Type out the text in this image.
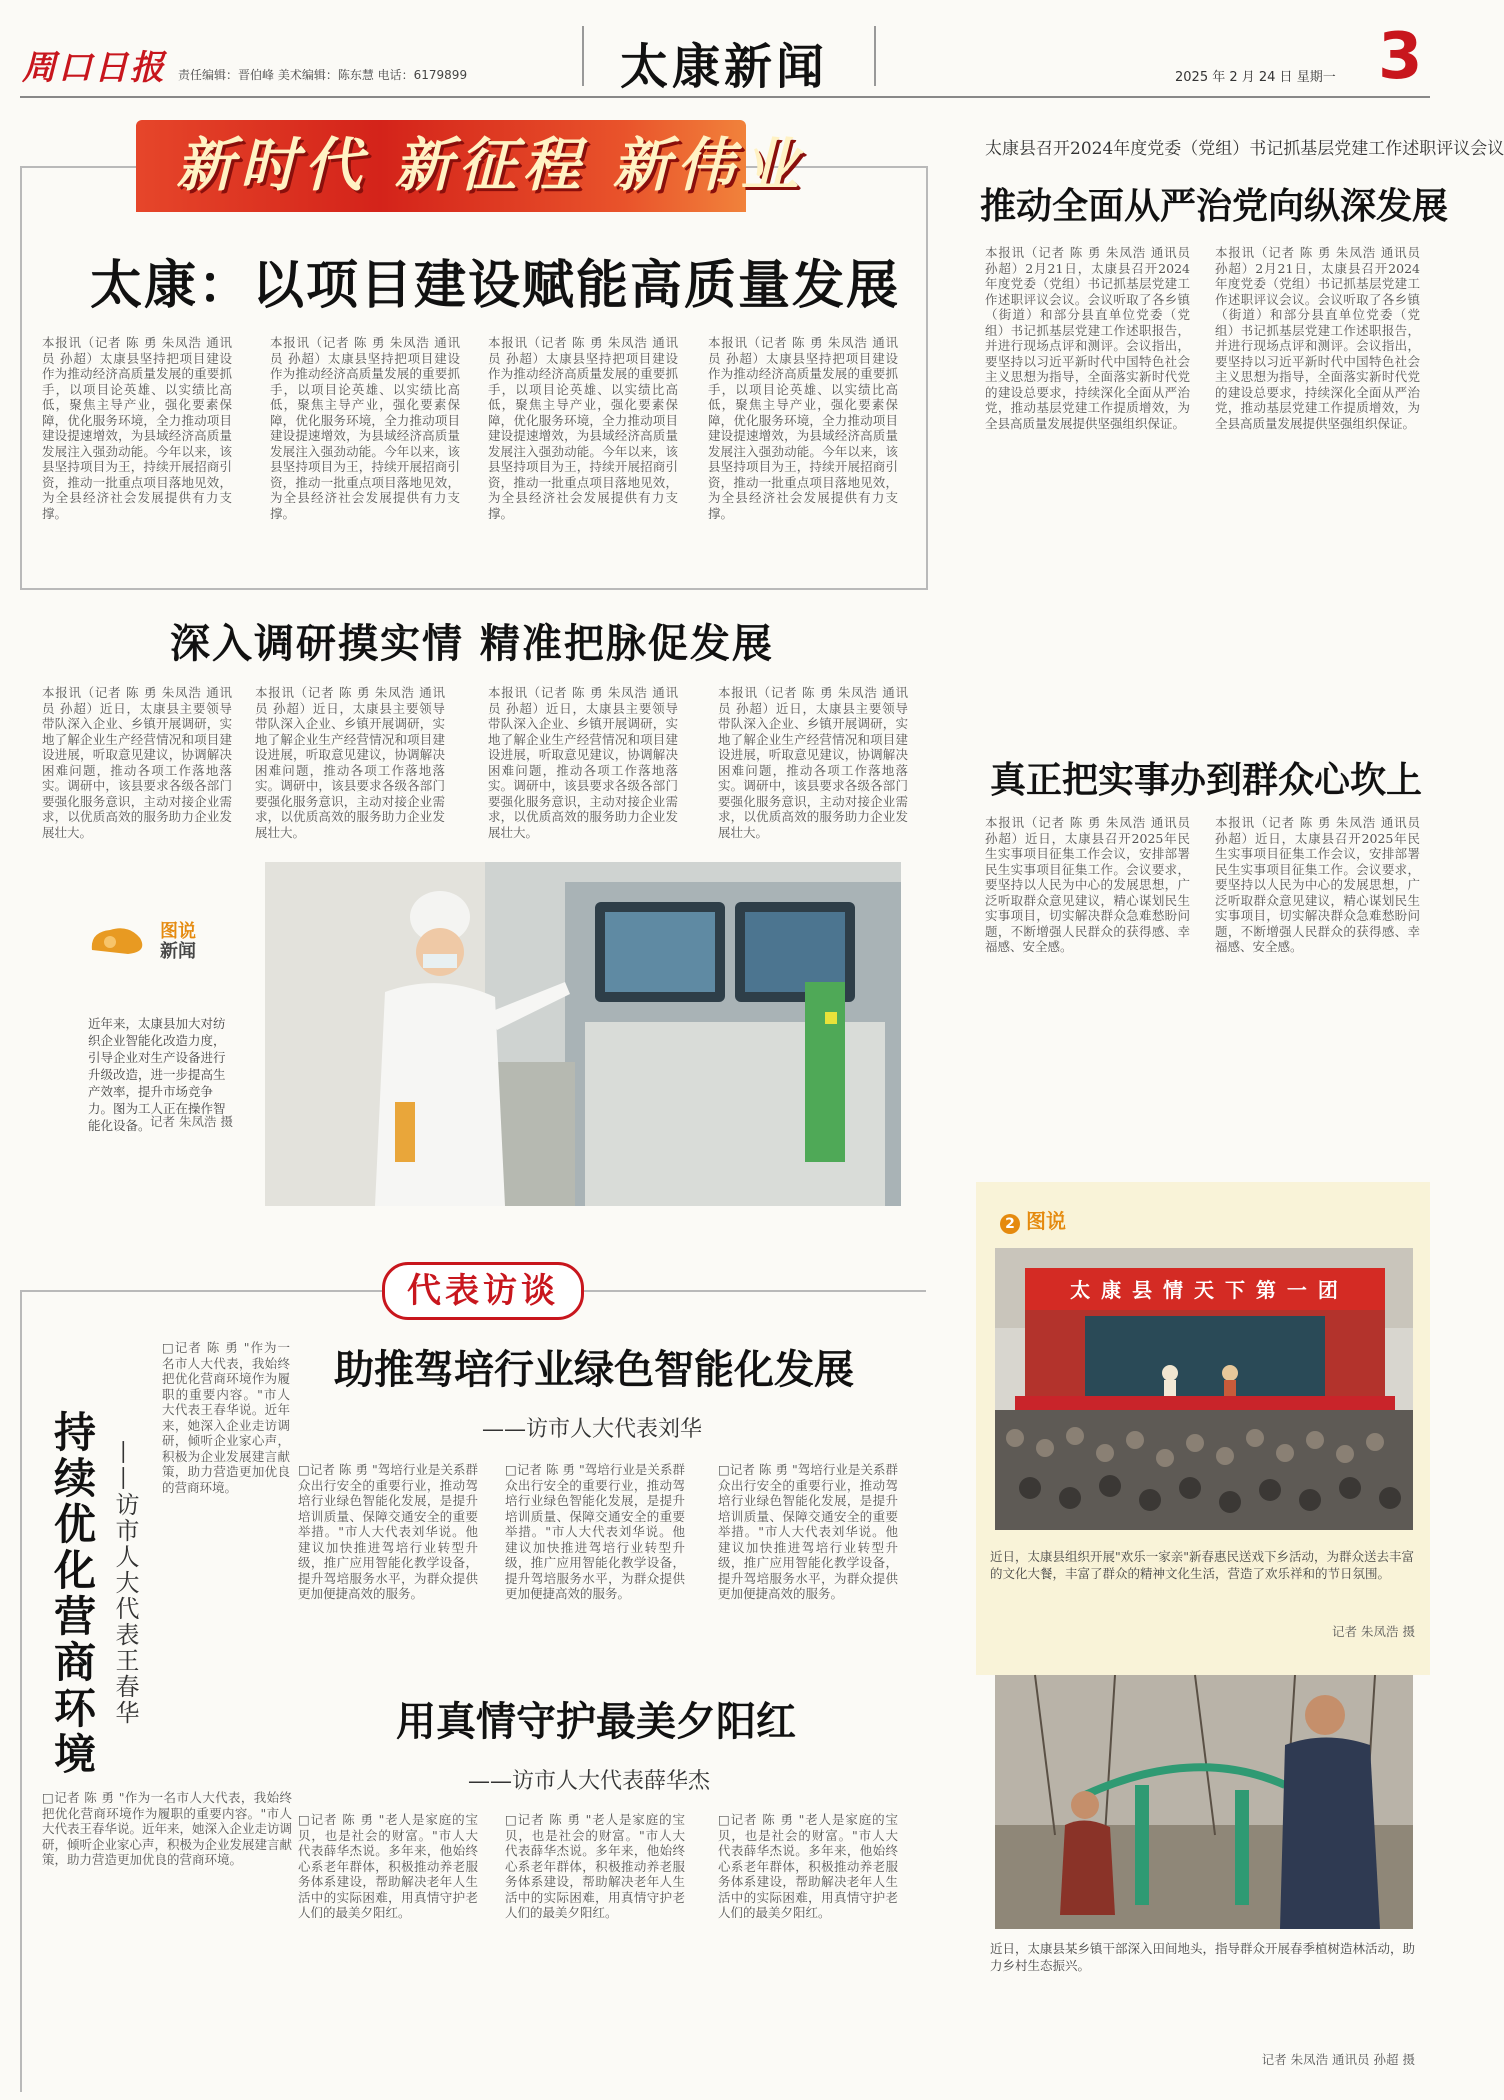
周口日报 责任编辑：晋伯峰 美术编辑：陈东慧 电话：6179899	太康新闻	2025 年 2 月 24 日 星期一 3
新时代 新征程 新伟业
太康：以项目建设赋能高质量发展
本报讯（记者 陈 勇 朱凤浩 通讯员 孙超）太康县坚持把项目建设作为推动经济高质量发展的重要抓手，以项目论英雄、以实绩比高低，聚焦主导产业，强化要素保障，优化服务环境，全力推动项目建设提速增效，为县域经济高质量发展注入强劲动能。今年以来，该县坚持项目为王，持续开展招商引资，推动一批重点项目落地见效，为全县经济社会发展提供有力支撑。
本报讯（记者 陈 勇 朱凤浩 通讯员 孙超）太康县坚持把项目建设作为推动经济高质量发展的重要抓手，以项目论英雄、以实绩比高低，聚焦主导产业，强化要素保障，优化服务环境，全力推动项目建设提速增效，为县域经济高质量发展注入强劲动能。今年以来，该县坚持项目为王，持续开展招商引资，推动一批重点项目落地见效，为全县经济社会发展提供有力支撑。
本报讯（记者 陈 勇 朱凤浩 通讯员 孙超）太康县坚持把项目建设作为推动经济高质量发展的重要抓手，以项目论英雄、以实绩比高低，聚焦主导产业，强化要素保障，优化服务环境，全力推动项目建设提速增效，为县域经济高质量发展注入强劲动能。今年以来，该县坚持项目为王，持续开展招商引资，推动一批重点项目落地见效，为全县经济社会发展提供有力支撑。
本报讯（记者 陈 勇 朱凤浩 通讯员 孙超）太康县坚持把项目建设作为推动经济高质量发展的重要抓手，以项目论英雄、以实绩比高低，聚焦主导产业，强化要素保障，优化服务环境，全力推动项目建设提速增效，为县域经济高质量发展注入强劲动能。今年以来，该县坚持项目为王，持续开展招商引资，推动一批重点项目落地见效，为全县经济社会发展提供有力支撑。
深入调研摸实情 精准把脉促发展
本报讯（记者 陈 勇 朱凤浩 通讯员 孙超）近日，太康县主要领导带队深入企业、乡镇开展调研，实地了解企业生产经营情况和项目建设进展，听取意见建议，协调解决困难问题，推动各项工作落地落实。调研中，该县要求各级各部门要强化服务意识，主动对接企业需求，以优质高效的服务助力企业发展壮大。
本报讯（记者 陈 勇 朱凤浩 通讯员 孙超）近日，太康县主要领导带队深入企业、乡镇开展调研，实地了解企业生产经营情况和项目建设进展，听取意见建议，协调解决困难问题，推动各项工作落地落实。调研中，该县要求各级各部门要强化服务意识，主动对接企业需求，以优质高效的服务助力企业发展壮大。
本报讯（记者 陈 勇 朱凤浩 通讯员 孙超）近日，太康县主要领导带队深入企业、乡镇开展调研，实地了解企业生产经营情况和项目建设进展，听取意见建议，协调解决困难问题，推动各项工作落地落实。调研中，该县要求各级各部门要强化服务意识，主动对接企业需求，以优质高效的服务助力企业发展壮大。
本报讯（记者 陈 勇 朱凤浩 通讯员 孙超）近日，太康县主要领导带队深入企业、乡镇开展调研，实地了解企业生产经营情况和项目建设进展，听取意见建议，协调解决困难问题，推动各项工作落地落实。调研中，该县要求各级各部门要强化服务意识，主动对接企业需求，以优质高效的服务助力企业发展壮大。
图说
新闻
近年来，太康县加大对纺织企业智能化改造力度，引导企业对生产设备进行升级改造，进一步提高生产效率，提升市场竞争力。图为工人正在操作智能化设备。 记者 朱凤浩 摄
太康县召开2024年度党委（党组）书记抓基层党建工作述职评议会议
推动全面从严治党向纵深发展
本报讯（记者 陈 勇 朱凤浩 通讯员 孙超）2月21日，太康县召开2024年度党委（党组）书记抓基层党建工作述职评议会议。会议听取了各乡镇（街道）和部分县直单位党委（党组）书记抓基层党建工作述职报告，并进行现场点评和测评。会议指出，要坚持以习近平新时代中国特色社会主义思想为指导，全面落实新时代党的建设总要求，持续深化全面从严治党，推动基层党建工作提质增效，为全县高质量发展提供坚强组织保证。
本报讯（记者 陈 勇 朱凤浩 通讯员 孙超）2月21日，太康县召开2024年度党委（党组）书记抓基层党建工作述职评议会议。会议听取了各乡镇（街道）和部分县直单位党委（党组）书记抓基层党建工作述职报告，并进行现场点评和测评。会议指出，要坚持以习近平新时代中国特色社会主义思想为指导，全面落实新时代党的建设总要求，持续深化全面从严治党，推动基层党建工作提质增效，为全县高质量发展提供坚强组织保证。
真正把实事办到群众心坎上
本报讯（记者 陈 勇 朱凤浩 通讯员 孙超）近日，太康县召开2025年民生实事项目征集工作会议，安排部署民生实事项目征集工作。会议要求，要坚持以人民为中心的发展思想，广泛听取群众意见建议，精心谋划民生实事项目，切实解决群众急难愁盼问题，不断增强人民群众的获得感、幸福感、安全感。
本报讯（记者 陈 勇 朱凤浩 通讯员 孙超）近日，太康县召开2025年民生实事项目征集工作会议，安排部署民生实事项目征集工作。会议要求，要坚持以人民为中心的发展思想，广泛听取群众意见建议，精心谋划民生实事项目，切实解决群众急难愁盼问题，不断增强人民群众的获得感、幸福感、安全感。
代表访谈
持续优化营商环境 ——访市人大代表王春华
□记者 陈 勇 "作为一名市人大代表，我始终把优化营商环境作为履职的重要内容。"市人大代表王春华说。近年来，她深入企业走访调研，倾听企业家心声，积极为企业发展建言献策，助力营造更加优良的营商环境。
□记者 陈 勇 "作为一名市人大代表，我始终把优化营商环境作为履职的重要内容。"市人大代表王春华说。近年来，她深入企业走访调研，倾听企业家心声，积极为企业发展建言献策，助力营造更加优良的营商环境。
助推驾培行业绿色智能化发展
——访市人大代表刘华
□记者 陈 勇 "驾培行业是关系群众出行安全的重要行业，推动驾培行业绿色智能化发展，是提升培训质量、保障交通安全的重要举措。"市人大代表刘华说。他建议加快推进驾培行业转型升级，推广应用智能化教学设备，提升驾培服务水平，为群众提供更加便捷高效的服务。
□记者 陈 勇 "驾培行业是关系群众出行安全的重要行业，推动驾培行业绿色智能化发展，是提升培训质量、保障交通安全的重要举措。"市人大代表刘华说。他建议加快推进驾培行业转型升级，推广应用智能化教学设备，提升驾培服务水平，为群众提供更加便捷高效的服务。
□记者 陈 勇 "驾培行业是关系群众出行安全的重要行业，推动驾培行业绿色智能化发展，是提升培训质量、保障交通安全的重要举措。"市人大代表刘华说。他建议加快推进驾培行业转型升级，推广应用智能化教学设备，提升驾培服务水平，为群众提供更加便捷高效的服务。
用真情守护最美夕阳红
——访市人大代表薛华杰
□记者 陈 勇 "老人是家庭的宝贝，也是社会的财富。"市人大代表薛华杰说。多年来，他始终心系老年群体，积极推动养老服务体系建设，帮助解决老年人生活中的实际困难，用真情守护老人们的最美夕阳红。
□记者 陈 勇 "老人是家庭的宝贝，也是社会的财富。"市人大代表薛华杰说。多年来，他始终心系老年群体，积极推动养老服务体系建设，帮助解决老年人生活中的实际困难，用真情守护老人们的最美夕阳红。
□记者 陈 勇 "老人是家庭的宝贝，也是社会的财富。"市人大代表薛华杰说。多年来，他始终心系老年群体，积极推动养老服务体系建设，帮助解决老年人生活中的实际困难，用真情守护老人们的最美夕阳红。
2 图说
太 康 县 情 天 下 第 一 团
近日，太康县组织开展"欢乐一家亲"新春惠民送戏下乡活动，为群众送去丰富的文化大餐，丰富了群众的精神文化生活，营造了欢乐祥和的节日氛围。
记者 朱凤浩 摄
近日，太康县某乡镇干部深入田间地头，指导群众开展春季植树造林活动，助力乡村生态振兴。
记者 朱凤浩 通讯员 孙超 摄
